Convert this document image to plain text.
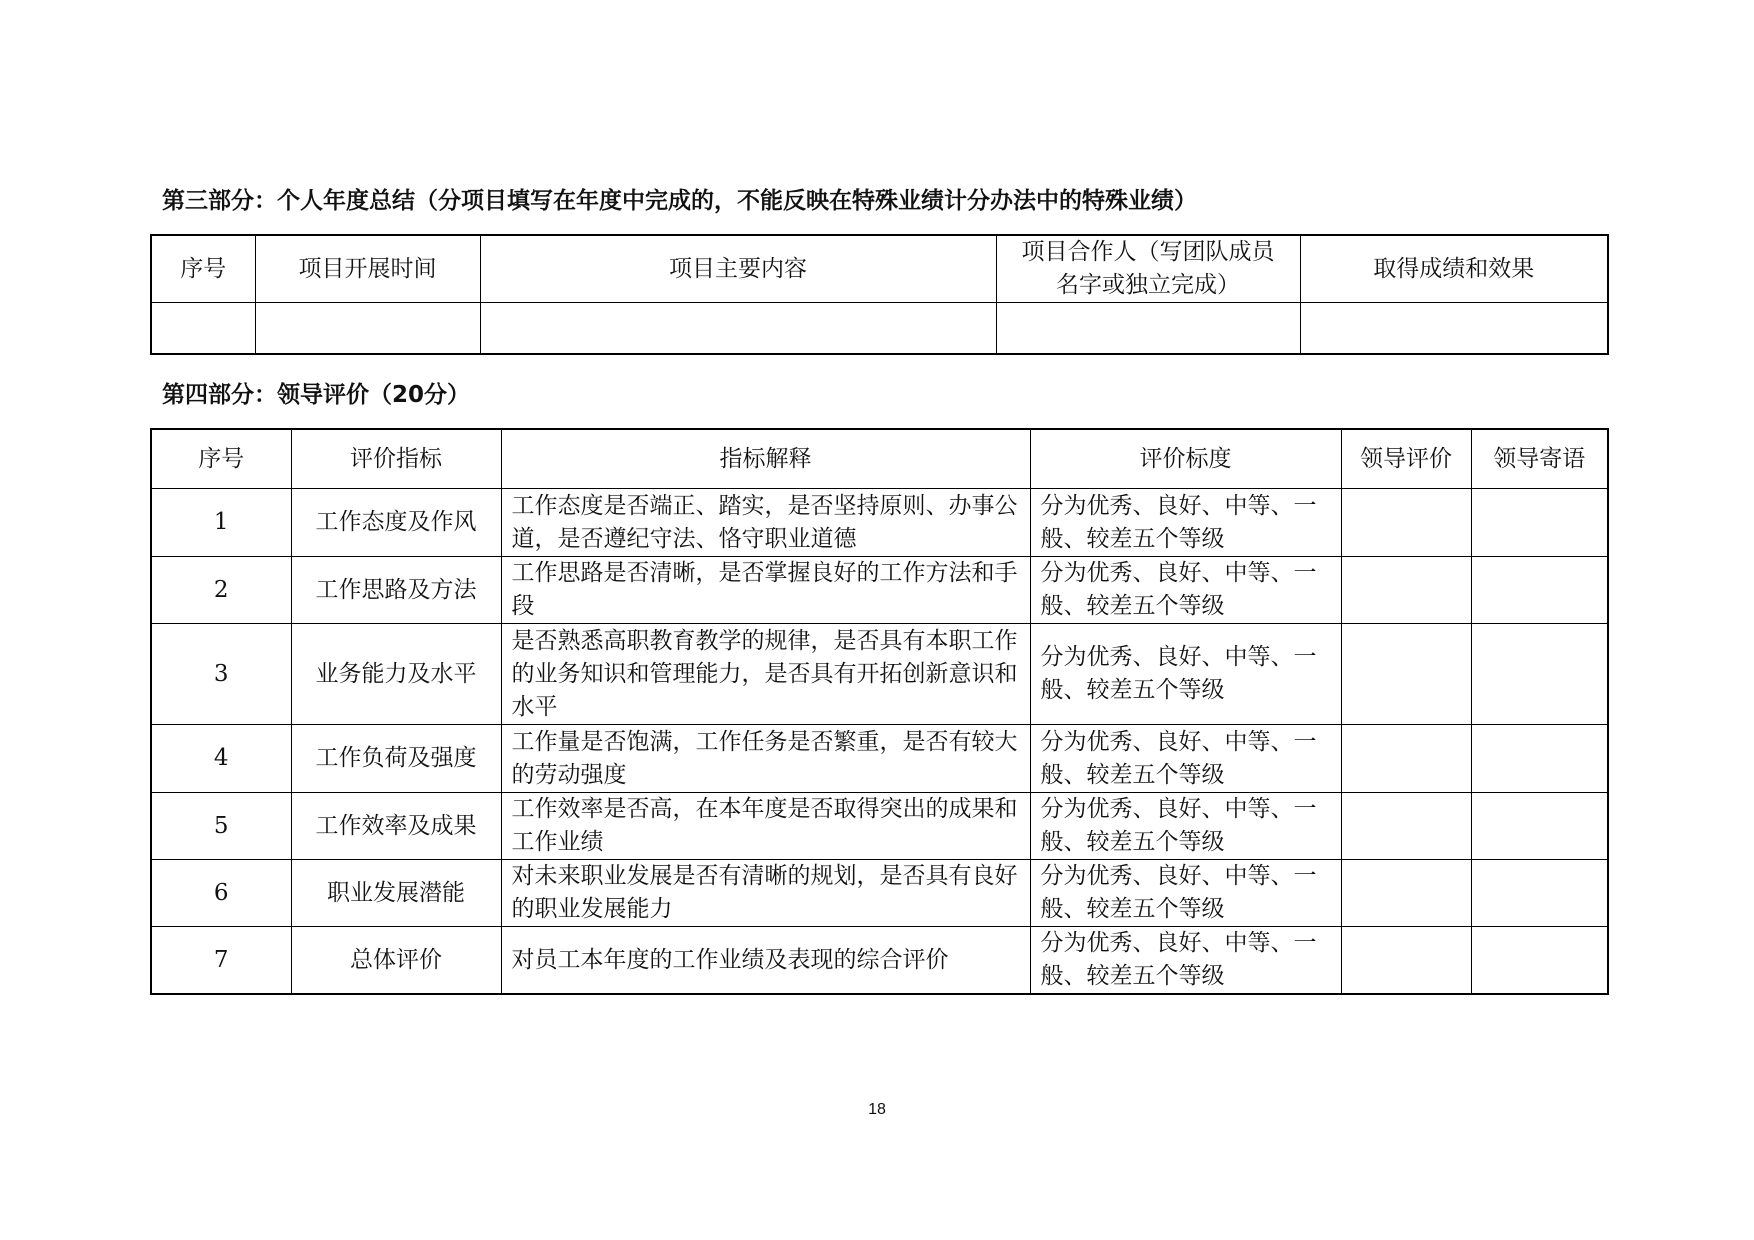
第三部分：个人年度总结（分项目填写在年度中完成的，不能反映在特殊业绩计分办法中的特殊业绩）
序号	项目开展时间	项目主要内容	项目合作人（写团队成员名字或独立完成）	取得成绩和效果

第四部分：领导评价（20分）
序号	评价指标	指标解释	评价标度	领导评价	领导寄语
1	工作态度及作风	工作态度是否端正、踏实，是否坚持原则、办事公道，是否遵纪守法、恪守职业道德	分为优秀、良好、中等、一般、较差五个等级		
2	工作思路及方法	工作思路是否清晰，是否掌握良好的工作方法和手段	分为优秀、良好、中等、一般、较差五个等级		
3	业务能力及水平	是否熟悉高职教育教学的规律，是否具有本职工作的业务知识和管理能力，是否具有开拓创新意识和水平	分为优秀、良好、中等、一般、较差五个等级		
4	工作负荷及强度	工作量是否饱满，工作任务是否繁重，是否有较大的劳动强度	分为优秀、良好、中等、一般、较差五个等级		
5	工作效率及成果	工作效率是否高，在本年度是否取得突出的成果和工作业绩	分为优秀、良好、中等、一般、较差五个等级		
6	职业发展潜能	对未来职业发展是否有清晰的规划，是否具有良好的职业发展能力	分为优秀、良好、中等、一般、较差五个等级		
7	总体评价	对员工本年度的工作业绩及表现的综合评价	分为优秀、良好、中等、一般、较差五个等级		
18
